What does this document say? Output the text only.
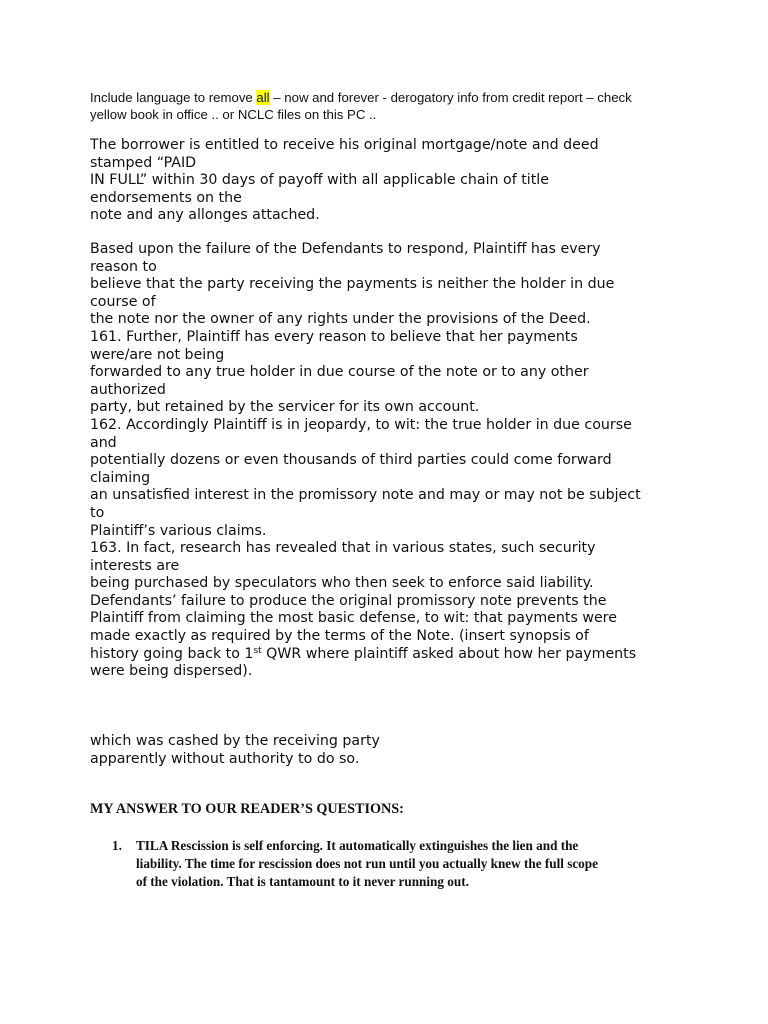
Include language to remove all – now and forever - derogatory info from credit report – check
yellow book in office .. or NCLC files on this PC ..
The borrower is entitled to receive his original mortgage/note and deed
stamped “PAID
IN FULL” within 30 days of payoff with all applicable chain of title
endorsements on the
note and any allonges attached.
Based upon the failure of the Defendants to respond, Plaintiff has every
reason to
believe that the party receiving the payments is neither the holder in due
course of
the note nor the owner of any rights under the provisions of the Deed.
161. Further, Plaintiff has every reason to believe that her payments
were/are not being
forwarded to any true holder in due course of the note or to any other
authorized
party, but retained by the servicer for its own account.
162. Accordingly Plaintiff is in jeopardy, to wit: the true holder in due course
and
potentially dozens or even thousands of third parties could come forward
claiming
an unsatisfied interest in the promissory note and may or may not be subject
to
Plaintiff’s various claims.
163. In fact, research has revealed that in various states, such security
interests are
being purchased by speculators who then seek to enforce said liability.
Defendants’ failure to produce the original promissory note prevents the
Plaintiff from claiming the most basic defense, to wit: that payments were
made exactly as required by the terms of the Note. (insert synopsis of
history going back to 1st QWR where plaintiff asked about how her payments
were being dispersed).
which was cashed by the receiving party
apparently without authority to do so.
MY ANSWER TO OUR READER’S QUESTIONS:
1. TILA Rescission is self enforcing. It automatically extinguishes the lien and the
liability. The time for rescission does not run until you actually knew the full scope
of the violation. That is tantamount to it never running out.
